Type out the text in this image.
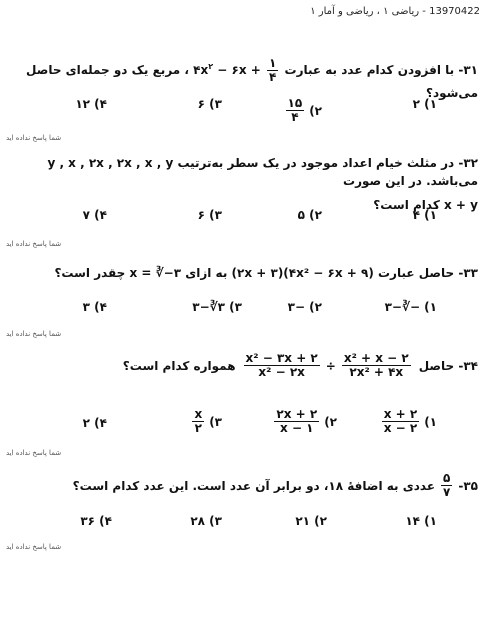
13970422 - ریاضی ۱ ، ریاضی و آمار ۱
۳۱- با افزودن کدام عدد به عبارت $۴x^۲$ − ۶x + $\frac{۱}{۴}$
، مربع یک دو جمله‌ای حاصل می‌شود؟
۱) ۲
۲)
$\frac{۱۵}{۴}$
۳) ۶
۴) ۱۲
شما پاسخ نداده اید
۳۲- در مثلث خیام اعداد موجود در یک سطر به‌ترتیب y , x , ۲x , ۲x , x , y می‌باشد. در این صورت
x + y کدام است؟
۱) ۴
۲) ۵
۳) ۶
۴) ۷
شما پاسخ نداده اید
۳۳- حاصل عبارت (۴x² − ۶x + ۹)(۲x + ۳) به ازای x = ∛−۳ چقدر است؟
۱) −∛−۳
۲) −۳
۳) ۳∛−۳
۴) ۳
شما پاسخ نداده اید
۳۴- حاصل
$\frac{\text{x² − ۳x + ۲}}{\text{x² − ۲x}} \div \frac{\text{x² + x − ۲}}{\text{۲x² + ۴x}}$
همواره کدام است؟
۱)
$\frac{x + ۲}{x - ۲}$
۲)
$\frac{۲x + ۲}{x - ۱}$
۳)
$\frac{x}{۲}$
۴) ۲
شما پاسخ نداده اید
۳۵-
$\frac{۵}{۷}$
عددی به اضافهٔ ۱۸، دو برابر آن عدد است. این عدد کدام است؟
۱) ۱۴
۲) ۲۱
۳) ۲۸
۴) ۳۶
شما پاسخ نداده اید
